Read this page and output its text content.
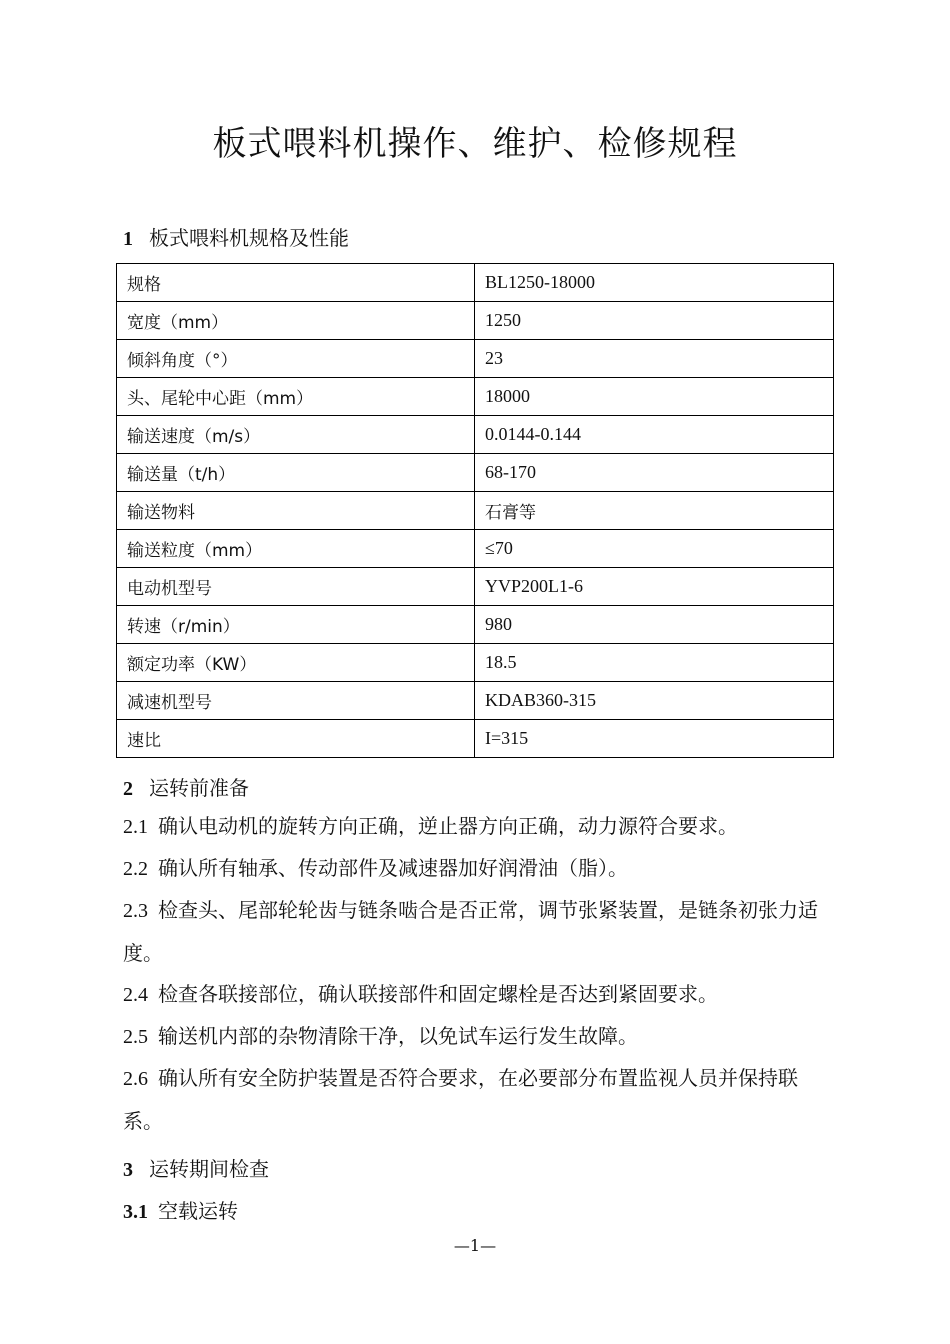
板式喂料机操作、维护、检修规程
1 板式喂料机规格及性能
规格	BL1250-18000
宽度（mm）	1250
倾斜角度（°）	23
头、尾轮中心距（mm）	18000
输送速度（m/s）	0.0144-0.144
输送量（t/h）	68-170
输送物料	石膏等
输送粒度（mm）	≤70
电动机型号	YVP200L1-6
转速（r/min）	980
额定功率（KW）	18.5
减速机型号	KDAB360-315
速比	I=315
2 运转前准备
2.1 确认电动机的旋转方向正确，逆止器方向正确，动力源符合要求。
2.2 确认所有轴承、传动部件及减速器加好润滑油（脂）。
2.3 检查头、尾部轮轮齿与链条啮合是否正常，调节张紧装置，是链条初张力适度。
2.4 检查各联接部位，确认联接部件和固定螺栓是否达到紧固要求。
2.5 输送机内部的杂物清除干净，以免试车运行发生故障。
2.6 确认所有安全防护装置是否符合要求，在必要部分布置监视人员并保持联系。
3 运转期间检查
3.1 空载运转
—1—
